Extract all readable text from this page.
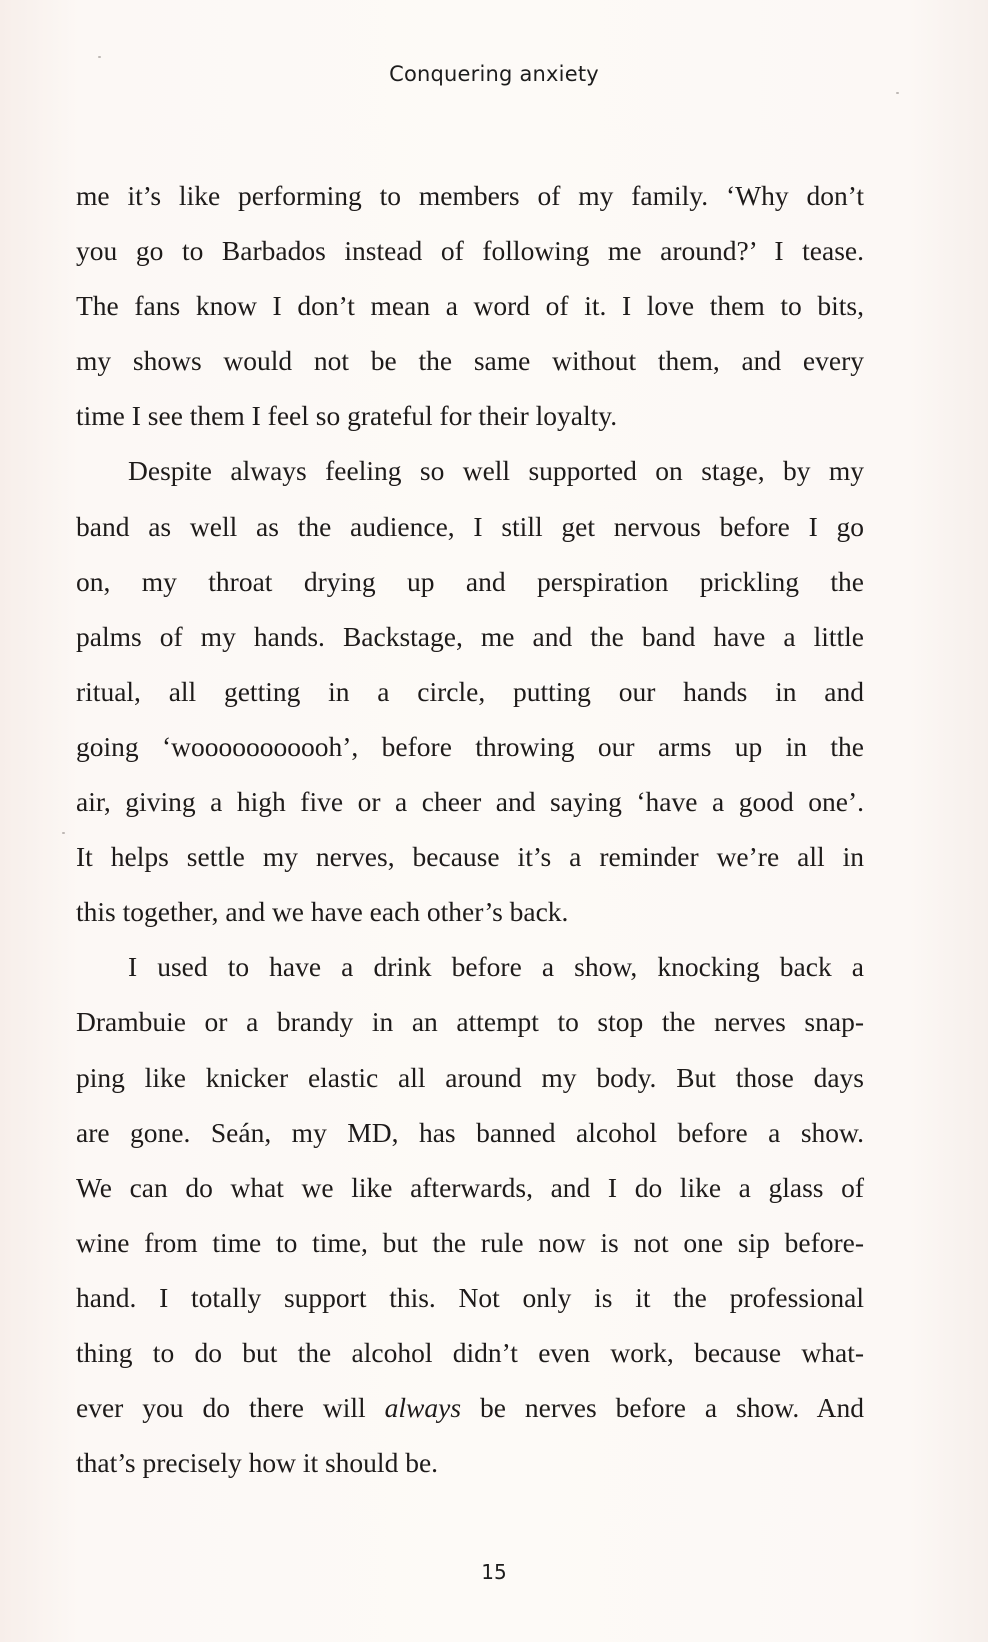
Conquering anxiety
me it’s like performing to members of my family. ‘Why don’t
you go to Barbados instead of following me around?’ I tease.
The fans know I don’t mean a word of it. I love them to bits,
my shows would not be the same without them, and every
time I see them I feel so grateful for their loyalty.
Despite always feeling so well supported on stage, by my
band as well as the audience, I still get nervous before I go
on, my throat drying up and perspiration prickling the
palms of my hands. Backstage, me and the band have a little
ritual, all getting in a circle, putting our hands in and
going ‘wooooooooooh’, before throwing our arms up in the
air, giving a high five or a cheer and saying ‘have a good one’.
It helps settle my nerves, because it’s a reminder we’re all in
this together, and we have each other’s back.
I used to have a drink before a show, knocking back a
Drambuie or a brandy in an attempt to stop the nerves snap-
ping like knicker elastic all around my body. But those days
are gone. Seán, my MD, has banned alcohol before a show.
We can do what we like afterwards, and I do like a glass of
wine from time to time, but the rule now is not one sip before-
hand. I totally support this. Not only is it the professional
thing to do but the alcohol didn’t even work, because what-
ever you do there will always be nerves before a show. And
that’s precisely how it should be.
15
